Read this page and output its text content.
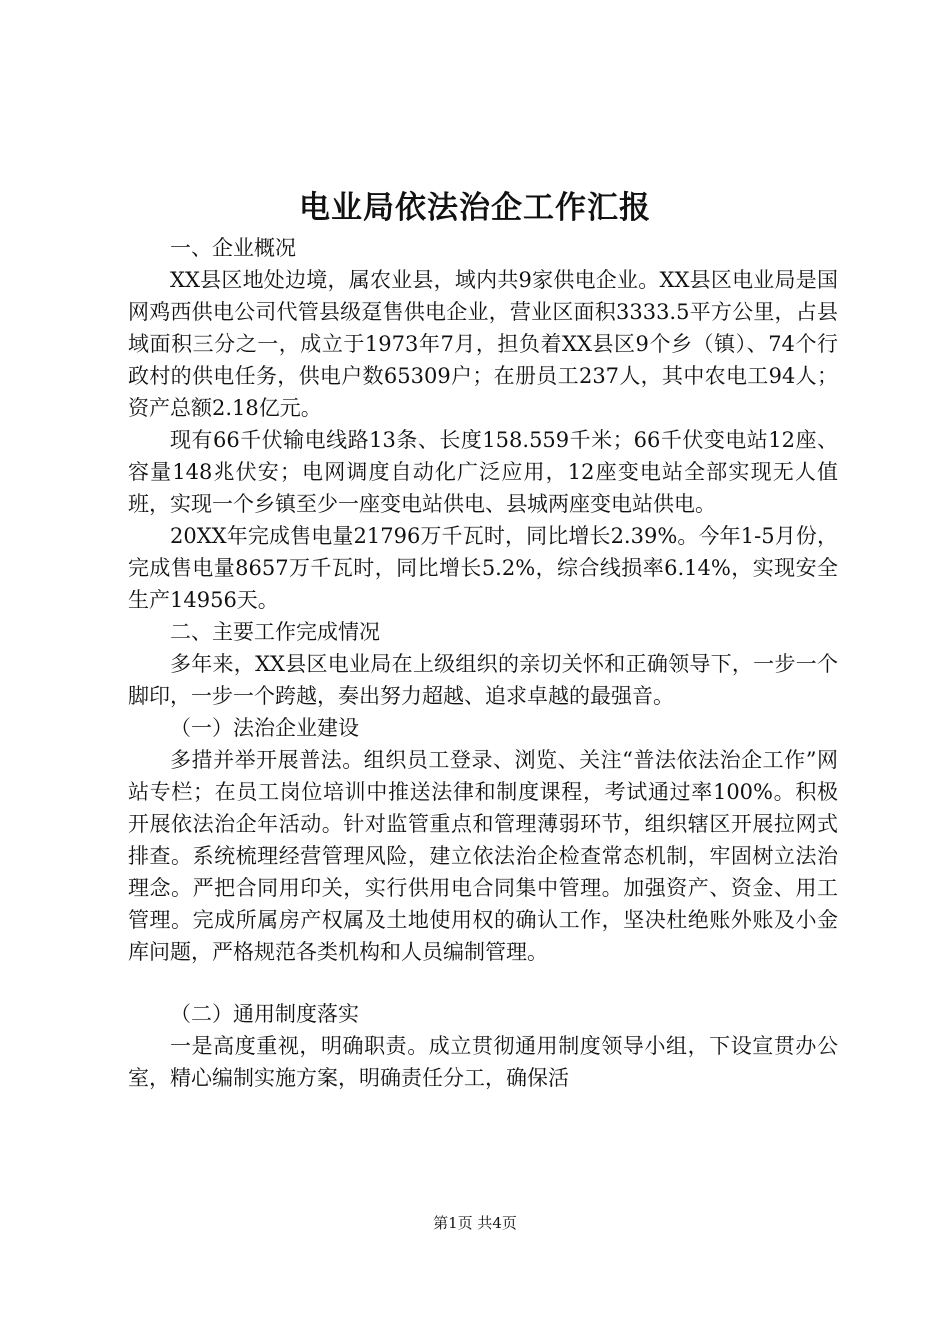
电业局依法治企工作汇报

一、企业概况

XX县区地处边境，属农业县，域内共9家供电企业。XX县区电业局是国网鸡西供电公司代管县级趸售供电企业，营业区面积3333.5平方公里，占县域面积三分之一，成立于1973年7月，担负着XX县区9个乡（镇）、74个行政村的供电任务，供电户数65309户；在册员工237人，其中农电工94人；资产总额2.18亿元。

现有66千伏输电线路13条、长度158.559千米；66千伏变电站12座、容量148兆伏安；电网调度自动化广泛应用，12座变电站全部实现无人值班，实现一个乡镇至少一座变电站供电、县城两座变电站供电。

20XX年完成售电量21796万千瓦时，同比增长2.39%。今年1-5月份，完成售电量8657万千瓦时，同比增长5.2%，综合线损率6.14%，实现安全生产14956天。

二、主要工作完成情况

多年来，XX县区电业局在上级组织的亲切关怀和正确领导下，一步一个脚印，一步一个跨越，奏出努力超越、追求卓越的最强音。

（一）法治企业建设

多措并举开展普法。组织员工登录、浏览、关注“普法依法治企工作”网站专栏；在员工岗位培训中推送法律和制度课程，考试通过率100%。积极开展依法治企年活动。针对监管重点和管理薄弱环节，组织辖区开展拉网式排查。系统梳理经营管理风险，建立依法治企检查常态机制，牢固树立法治理念。严把合同用印关，实行供用电合同集中管理。加强资产、资金、用工管理。完成所属房产权属及土地使用权的确认工作，坚决杜绝账外账及小金库问题，严格规范各类机构和人员编制管理。

（二）通用制度落实

一是高度重视，明确职责。成立贯彻通用制度领导小组，下设宣贯办公室，精心编制实施方案，明确责任分工，确保活

第1页 共4页
